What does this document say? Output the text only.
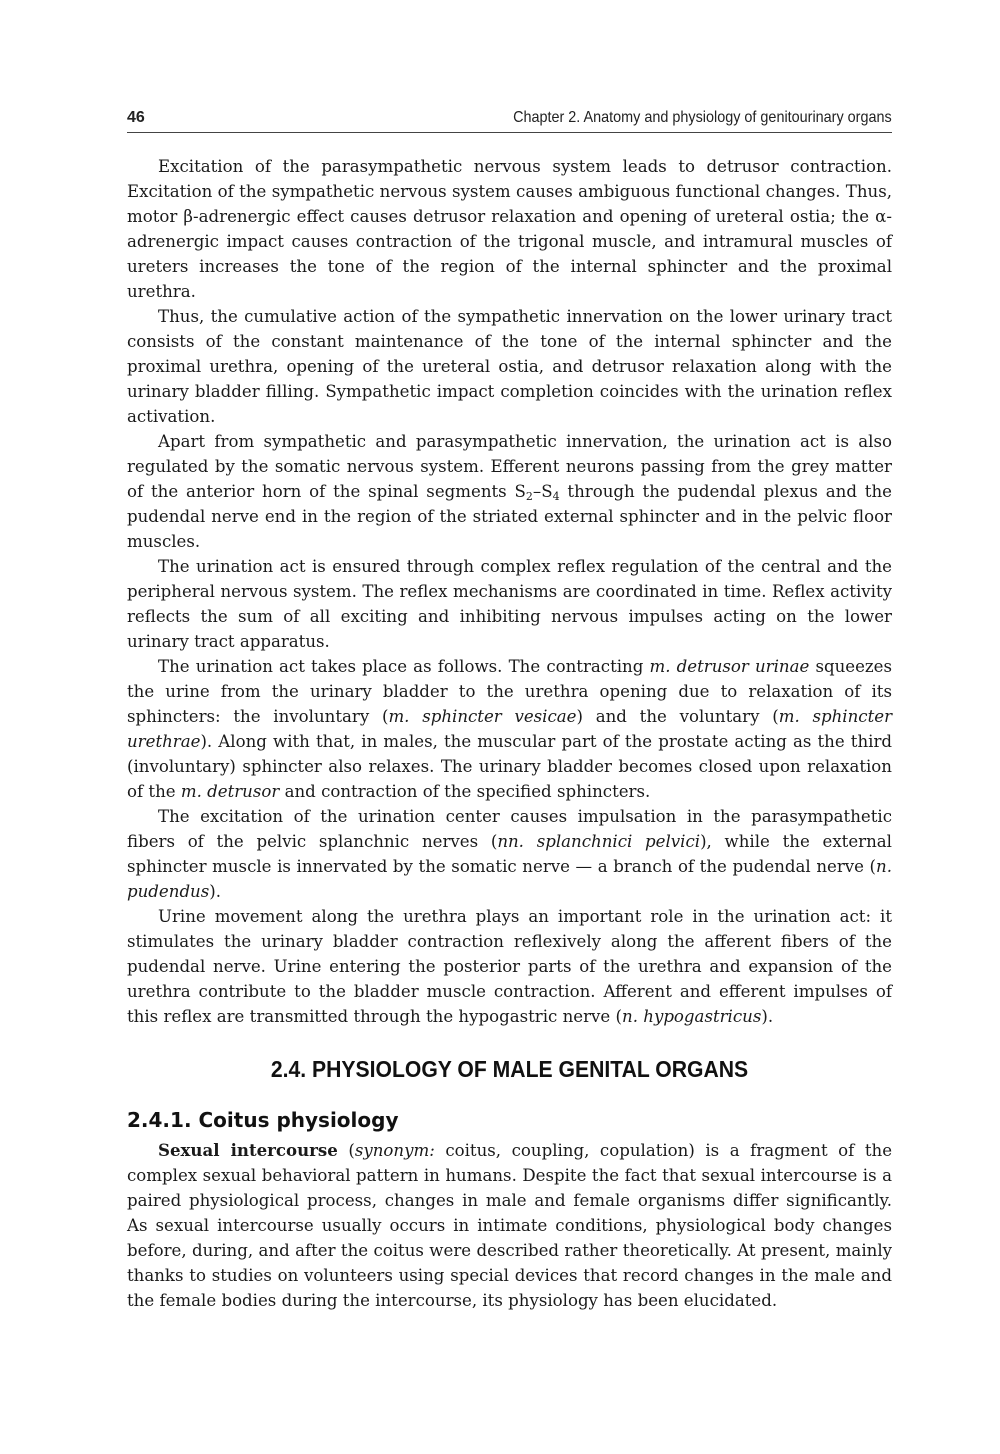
46	Chapter 2. Anatomy and physiology of genitourinary organs

Excitation of the parasympathetic nervous system leads to detrusor contraction. Excitation of the sympathetic nervous system causes ambiguous functional changes. Thus, motor β-adrenergic effect causes detrusor relaxation and opening of ureteral ostia; the α-adrenergic impact causes contraction of the trigonal muscle, and intramural muscles of ureters increases the tone of the region of the internal sphincter and the proximal urethra.

Thus, the cumulative action of the sympathetic innervation on the lower urinary tract consists of the constant maintenance of the tone of the internal sphincter and the proximal urethra, opening of the ureteral ostia, and detrusor relaxation along with the urinary bladder filling. Sympathetic impact completion coincides with the urination reflex activation.

Apart from sympathetic and parasympathetic innervation, the urination act is also regulated by the somatic nervous system. Efferent neurons passing from the grey matter of the anterior horn of the spinal segments $S_2-S_4$ through the pudendal plexus and the pudendal nerve end in the region of the striated external sphincter and in the pelvic floor muscles.

The urination act is ensured through complex reflex regulation of the central and the peripheral nervous system. The reflex mechanisms are coordinated in time. Reflex activity reflects the sum of all exciting and inhibiting nervous impulses acting on the lower urinary tract apparatus.

The urination act takes place as follows. The contracting m. detrusor urinae squeezes the urine from the urinary bladder to the urethra opening due to relaxation of its sphincters: the involuntary (m. sphincter vesicae) and the voluntary (m. sphincter urethrae). Along with that, in males, the muscular part of the prostate acting as the third (involuntary) sphincter also relaxes. The urinary bladder becomes closed upon relaxation of the m. detrusor and contraction of the specified sphincters.

The excitation of the urination center causes impulsation in the parasympathetic fibers of the pelvic splanchnic nerves (nn. splanchnici pelvici), while the external sphincter muscle is innervated by the somatic nerve — a branch of the pudendal nerve (n. pudendus).

Urine movement along the urethra plays an important role in the urination act: it stimulates the urinary bladder contraction reflexively along the afferent fibers of the pudendal nerve. Urine entering the posterior parts of the urethra and expansion of the urethra contribute to the bladder muscle contraction. Afferent and efferent impulses of this reflex are transmitted through the hypogastric nerve (n. hypogastricus).

2.4. PHYSIOLOGY OF MALE GENITAL ORGANS
2.4.1. Coitus physiology

Sexual intercourse (synonym: coitus, coupling, copulation) is a fragment of the complex sexual behavioral pattern in humans. Despite the fact that sexual intercourse is a paired physiological process, changes in male and female organisms differ significantly. As sexual intercourse usually occurs in intimate conditions, physiological body changes before, during, and after the coitus were described rather theoretically. At present, mainly thanks to studies on volunteers using special devices that record changes in the male and the female bodies during the intercourse, its physiology has been elucidated.
